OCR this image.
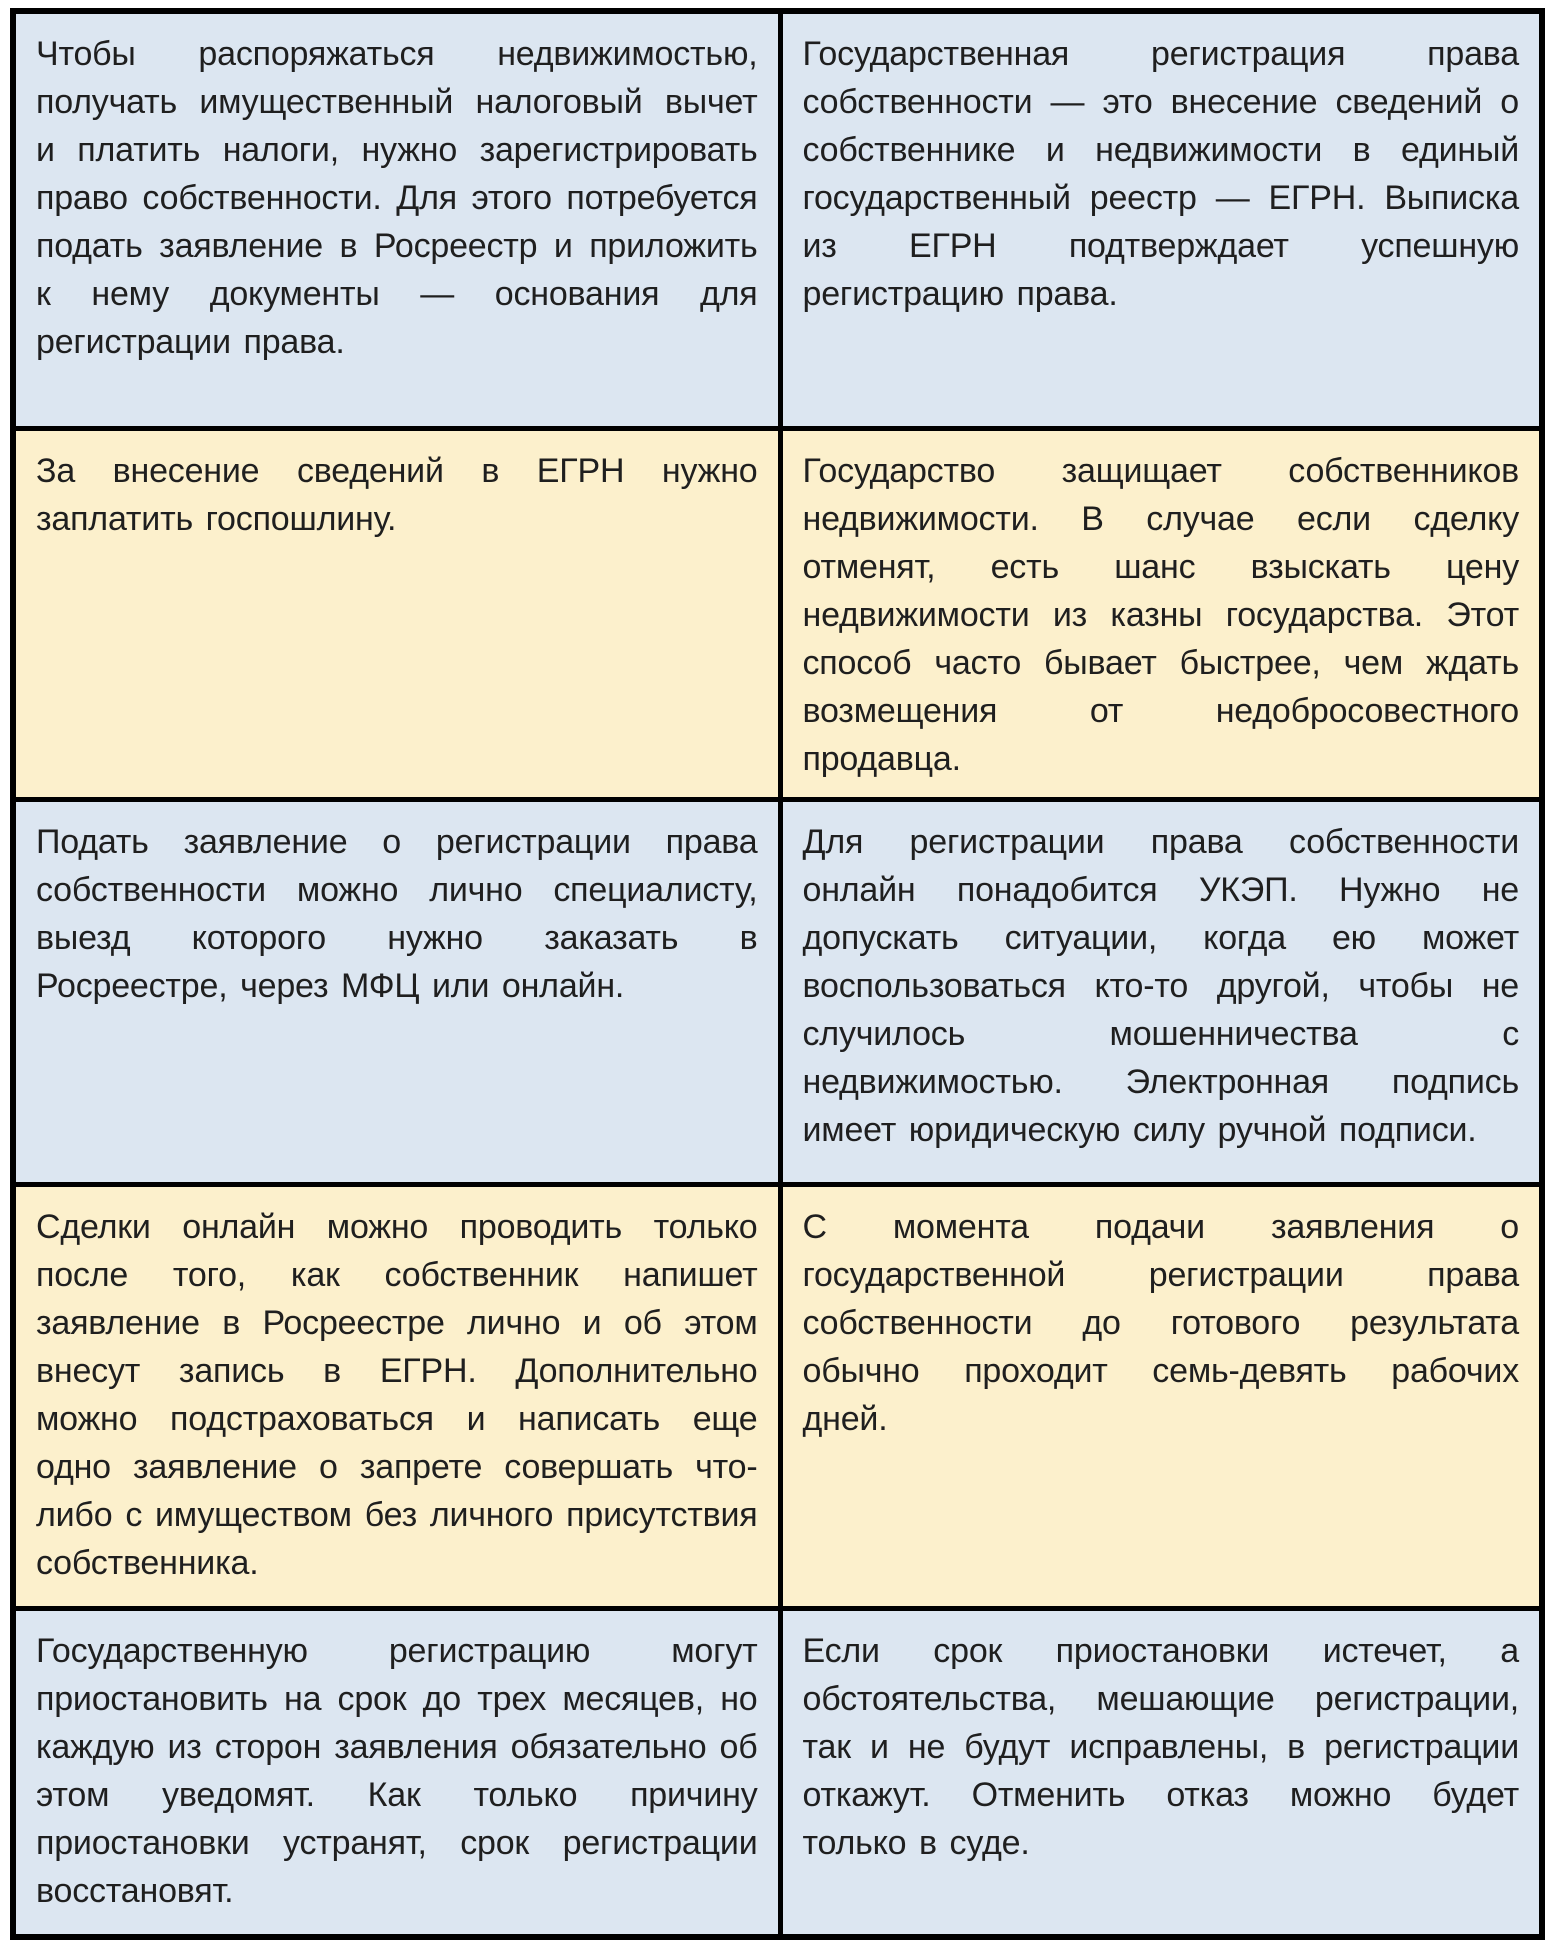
Чтобы распоряжаться недвижимостью, получать имущественный налоговый вычет и платить налоги, нужно зарегистрировать право собственности. Для этого потребуется подать заявление в Росреестр и приложить к нему документы — основания для регистрации права.
Государственная регистрация права собственности — это внесение сведений о собственнике и недвижимости в единый государственный реестр — ЕГРН. Выписка из ЕГРН подтверждает успешную регистрацию права.
За внесение сведений в ЕГРН нужно заплатить госпошлину.
Государство защищает собственников недвижимости. В случае если сделку отменят, есть шанс взыскать цену недвижимости из казны государства. Этот способ часто бывает быстрее, чем ждать возмещения от недобросовестного продавца.
Подать заявление о регистрации права собственности можно лично специалисту, выезд которого нужно заказать в Росреестре, через МФЦ или онлайн.
Для регистрации права собственности онлайн понадобится УКЭП. Нужно не допускать ситуации, когда ею может воспользоваться кто-то другой, чтобы не случилось мошенничества с недвижимостью. Электронная подпись имеет юридическую силу ручной подписи.
Сделки онлайн можно проводить только после того, как собственник напишет заявление в Росреестре лично и об этом внесут запись в ЕГРН. Дополнительно можно подстраховаться и написать еще одно заявление о запрете совершать что-либо с имуществом без личного присутствия собственника.
С момента подачи заявления о государственной регистрации права собственности до готового результата обычно проходит семь-девять рабочих дней.
Государственную регистрацию могут приостановить на срок до трех месяцев, но каждую из сторон заявления обязательно об этом уведомят. Как только причину приостановки устранят, срок регистрации восстановят.
Если срок приостановки истечет, а обстоятельства, мешающие регистрации, так и не будут исправлены, в регистрации откажут. Отменить отказ можно будет только в суде.
